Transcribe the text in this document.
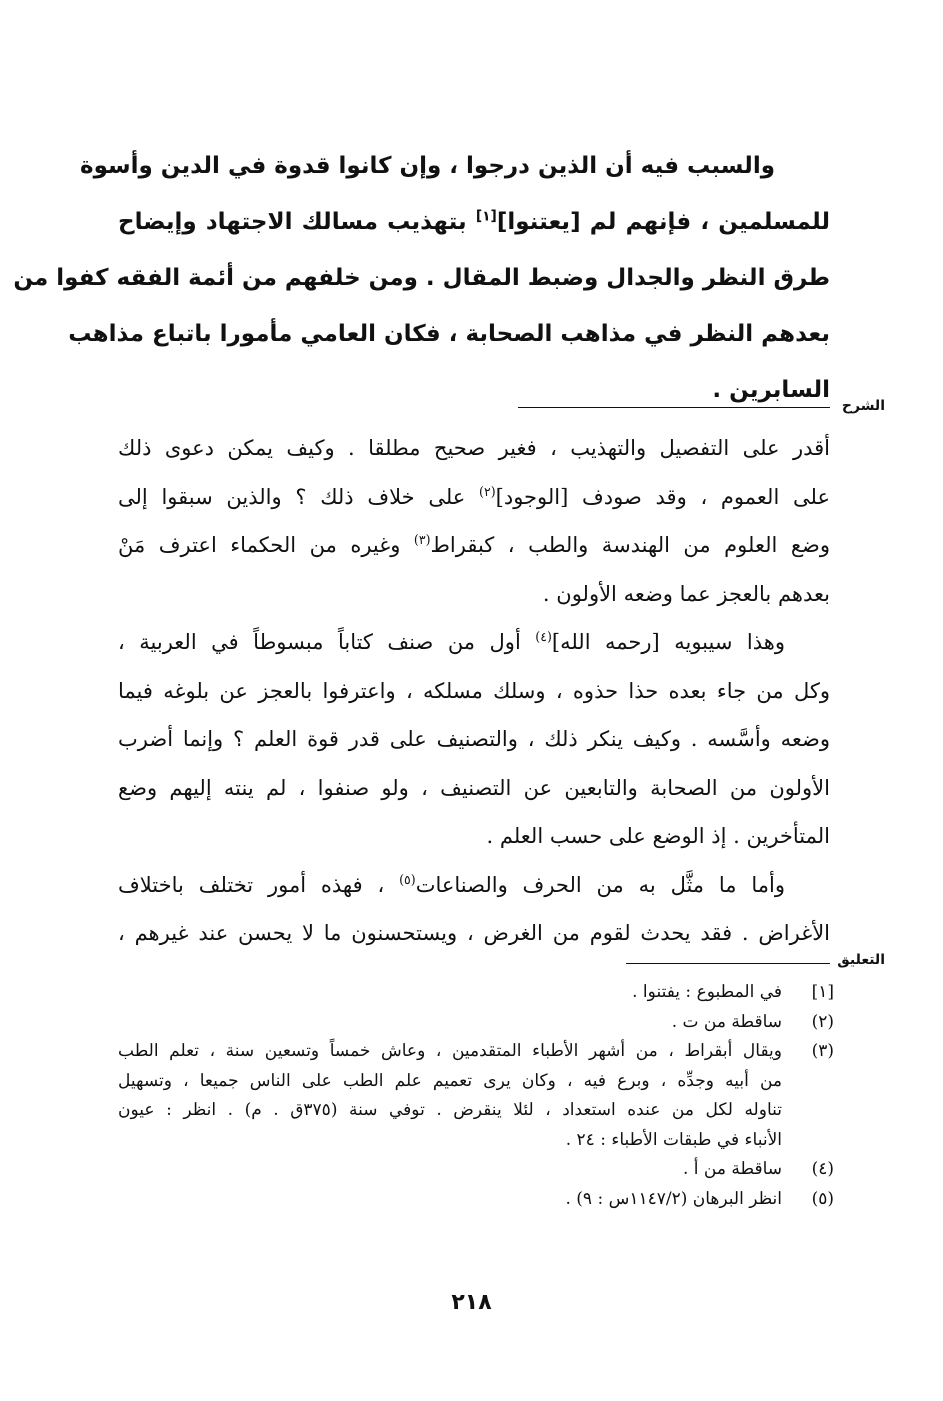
والسبب فيه أن الذين درجوا ، وإن كانوا قدوة في الدين وأسوة
للمسلمين ، فإنهم لم [يعتنوا][١] بتهذيب مسالك الاجتهاد وإيضاح
طرق النظر والجدال وضبط المقال . ومن خلفهم من أئمة الفقه كفوا من
بعدهم النظر في مذاهب الصحابة ، فكان العامي مأمورا باتباع مذاهب
السابرين .
الشرح
أقدر على التفصيل والتهذيب ، فغير صحيح مطلقا . وكيف يمكن دعوى ذلك
على العموم ، وقد صودف [الوجود]$^{(٢)}$ على خلاف ذلك ؟ والذين سبقوا إلى
وضع العلوم من الهندسة والطب ، كبقراط$^{(٣)}$ وغيره من الحكماء اعترف مَنْ
بعدهم بالعجز عما وضعه الأولون .
وهذا سيبويه [رحمه الله]$^{(٤)}$ أول من صنف كتاباً مبسوطاً في العربية ،
وكل من جاء بعده حذا حذوه ، وسلك مسلكه ، واعترفوا بالعجز عن بلوغه فيما
وضعه وأسَّسه . وكيف ينكر ذلك ، والتصنيف على قدر قوة العلم ؟ وإنما أضرب
الأولون من الصحابة والتابعين عن التصنيف ، ولو صنفوا ، لم ينته إليهم وضع
المتأخرين . إذ الوضع على حسب العلم .
وأما ما مثَّل به من الحرف والصناعات$^{(٥)}$ ، فهذه أمور تختلف باختلاف
الأغراض . فقد يحدث لقوم من الغرض ، ويستحسنون ما لا يحسن عند غيرهم ،
التعليق
[١]
في المطبوع : يفتنوا .
(٢)
ساقطة من ت .
(٣)
ويقال أبقراط ، من أشهر الأطباء المتقدمين ، وعاش خمساً وتسعين سنة ، تعلم الطب
من أبيه وجدِّه ، وبرع فيه ، وكان يرى تعميم علم الطب على الناس جميعا ، وتسهيل
تناوله لكل من عنده استعداد ، لئلا ينقرض . توفي سنة (٣٧٥ق . م) . انظر : عيون
الأنباء في طبقات الأطباء : ٢٤ .
(٤)
ساقطة من أ .
(٥)
انظر البرهان (١١٤٧/٢س : ٩) .
٢١٨
